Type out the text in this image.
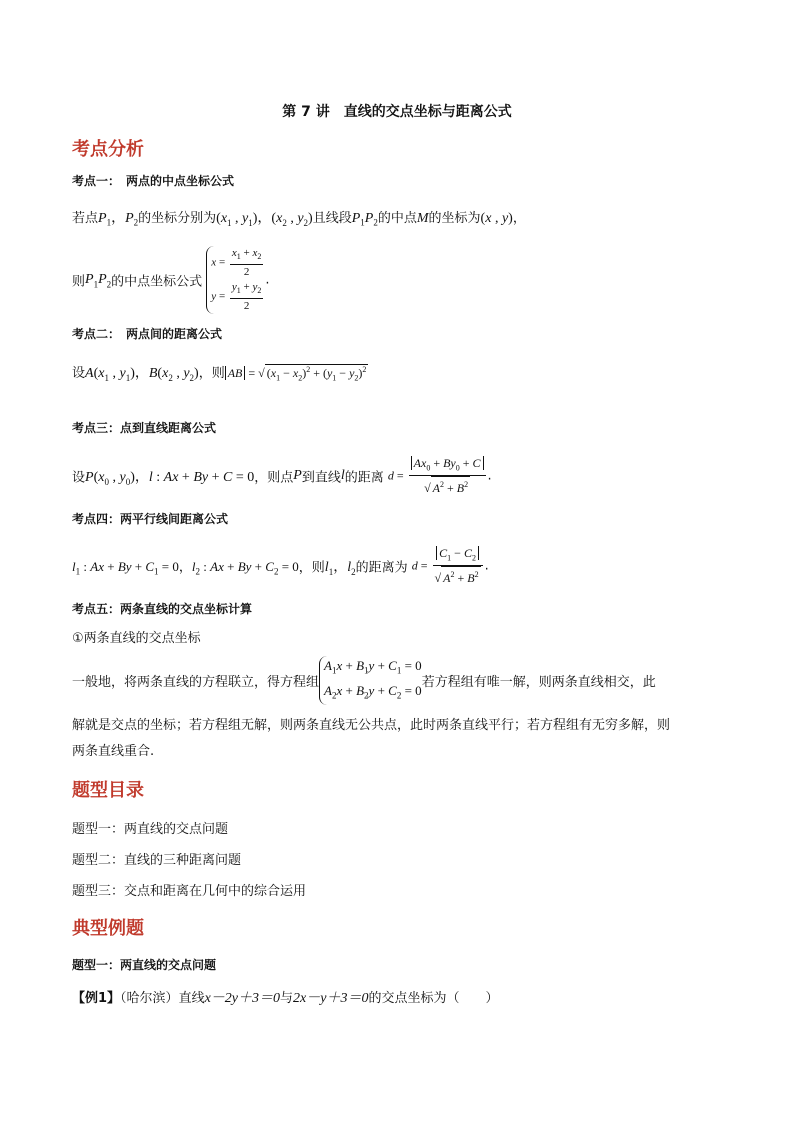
第 7 讲　直线的交点坐标与距离公式
考点分析
考点一：　两点的中点坐标公式
若点$P_1$，$P_2$的坐标分别为($x_1$ , $y_1$)，($x_2$ , $y_2$)且线段$P_1P_2$的中点M的坐标为(x , y)，
则$P_1P_2$的中点坐标公式
$x = \frac{x_1 + x_2}{2}$
$y = \frac{y_1 + y_2}{2}$ .
考点二：　两点间的距离公式
设$A(x_1$ , $y_1$)，$B(x_2$ , $y_2$)，则 AB = √ $(x_1 - x_2)^2 + (y_1 - y_2)^2$
考点三：点到直线距离公式
设$P(x_0$ , $y_0$)，l : Ax + By + C = 0，则点P到直线l的距离 $d = \frac{Ax_0 + By_0 + C}{√ A^2 + B^2}$ .
考点四：两平行线间距离公式
$l_1$ : $Ax + By + C_1 = 0$，$l_2$ : $Ax + By + C_2 = 0$，则$l_1$，$l_2$的距离为 $d = \frac{C_1 - C_2}{√ A^2 + B^2}$ .
考点五：两条直线的交点坐标计算
①两条直线的交点坐标
一般地，将两条直线的方程联立，得方程组
$A_1x + B_1y + C_1 = 0$
$A_2x + B_2y + C_2 = 0$ 若方程组有唯一解，则两条直线相交，此
解就是交点的坐标；若方程组无解，则两条直线无公共点，此时两条直线平行；若方程组有无穷多解，则
两条直线重合.
题型目录
题型一：两直线的交点问题
题型二：直线的三种距离问题
题型三：交点和距离在几何中的综合运用
典型例题
题型一：两直线的交点问题
【例1】（哈尔滨）直线x－2y＋3＝0与2x－y＋3＝0的交点坐标为（　　）
